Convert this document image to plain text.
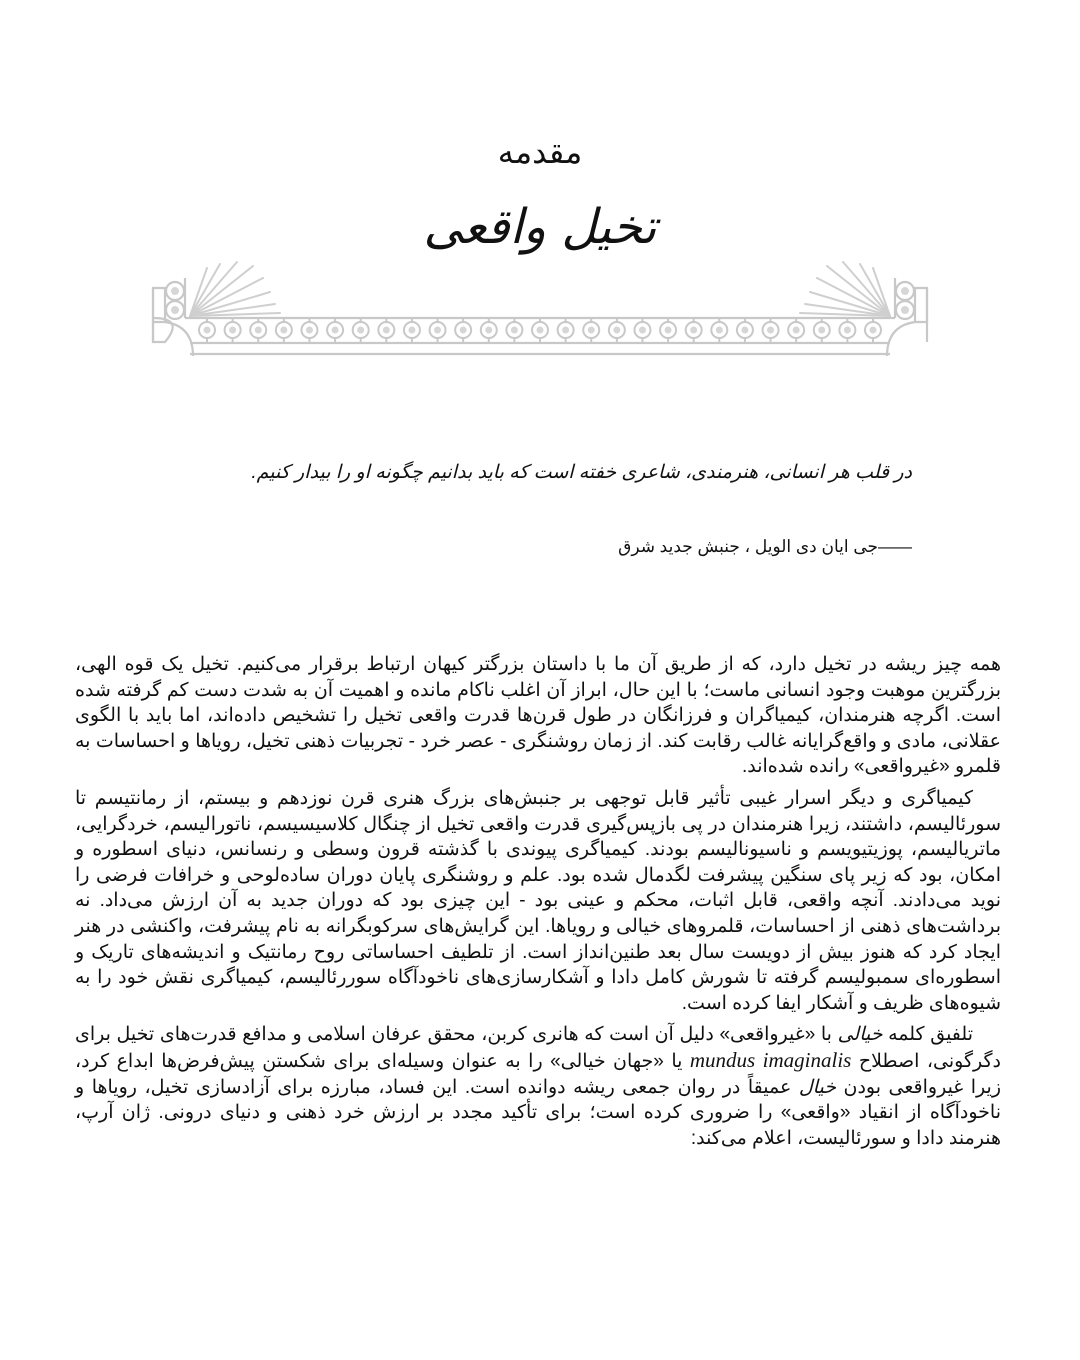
مقدمه
تخیل واقعی
در قلب هر انسانی، هنرمندی، شاعری خفته است که باید بدانیم چگونه او را بیدار کنیم.
——جی ایان دی الویل ، جنبش جدید شرق

همه چیز ریشه در تخیل دارد، که از طریق آن ما با داستان بزرگتر کیهان ارتباط برقرار می‌کنیم. تخیل یک قوه الهی، بزرگترین موهبت وجود انسانی ماست؛ با این حال، ابراز آن اغلب ناکام مانده و اهمیت آن به شدت دست کم گرفته شده است. اگرچه هنرمندان، کیمیاگران و فرزانگان در طول قرن‌ها قدرت واقعی تخیل را تشخیص داده‌اند، اما باید با الگوی عقلانی، مادی و واقع‌گرایانه غالب رقابت کند. از زمان روشنگری - عصر خرد - تجربیات ذهنی تخیل، رویاها و احساسات به قلمرو «غیرواقعی» رانده شده‌اند.

کیمیاگری و دیگر اسرار غیبی تأثیر قابل توجهی بر جنبش‌های بزرگ هنری قرن نوزدهم و بیستم، از رمانتیسم تا سورئالیسم، داشتند، زیرا هنرمندان در پی بازپس‌گیری قدرت واقعی تخیل از چنگال کلاسیسیسم، ناتورالیسم، خردگرایی، ماتریالیسم، پوزیتیویسم و ناسیونالیسم بودند. کیمیاگری پیوندی با گذشته قرون وسطی و رنسانس، دنیای اسطوره و امکان، بود که زیر پای سنگین پیشرفت لگدمال شده بود. علم و روشنگری پایان دوران ساده‌لوحی و خرافات فرضی را نوید می‌دادند. آنچه واقعی، قابل اثبات، محکم و عینی بود - این چیزی بود که دوران جدید به آن ارزش می‌داد. نه برداشت‌های ذهنی از احساسات، قلمروهای خیالی و رویاها. این گرایش‌های سرکوبگرانه به نام پیشرفت، واکنشی در هنر ایجاد کرد که هنوز بیش از دویست سال بعد طنین‌انداز است. از تلطیف احساساتی روح رمانتیک و اندیشه‌های تاریک و اسطوره‌ای سمبولیسم گرفته تا شورش کامل دادا و آشکارسازی‌های ناخودآگاه سوررئالیسم، کیمیاگری نقش خود را به شیوه‌های ظریف و آشکار ایفا کرده است.

تلفیق کلمه خیالی با «غیرواقعی» دلیل آن است که هانری کربن، محقق عرفان اسلامی و مدافع قدرت‌های تخیل برای دگرگونی، اصطلاح mundus imaginalis یا «جهان خیالی» را به عنوان وسیله‌ای برای شکستن پیش‌فرض‌ها ابداع کرد، زیرا غیرواقعی بودن خیال عمیقاً در روان جمعی ریشه دوانده است. این فساد، مبارزه برای آزادسازی تخیل، رویاها و ناخودآگاه از انقیاد «واقعی» را ضروری کرده است؛ برای تأکید مجدد بر ارزش خرد ذهنی و دنیای درونی. ژان آرپ، هنرمند دادا و سورئالیست، اعلام می‌کند:
